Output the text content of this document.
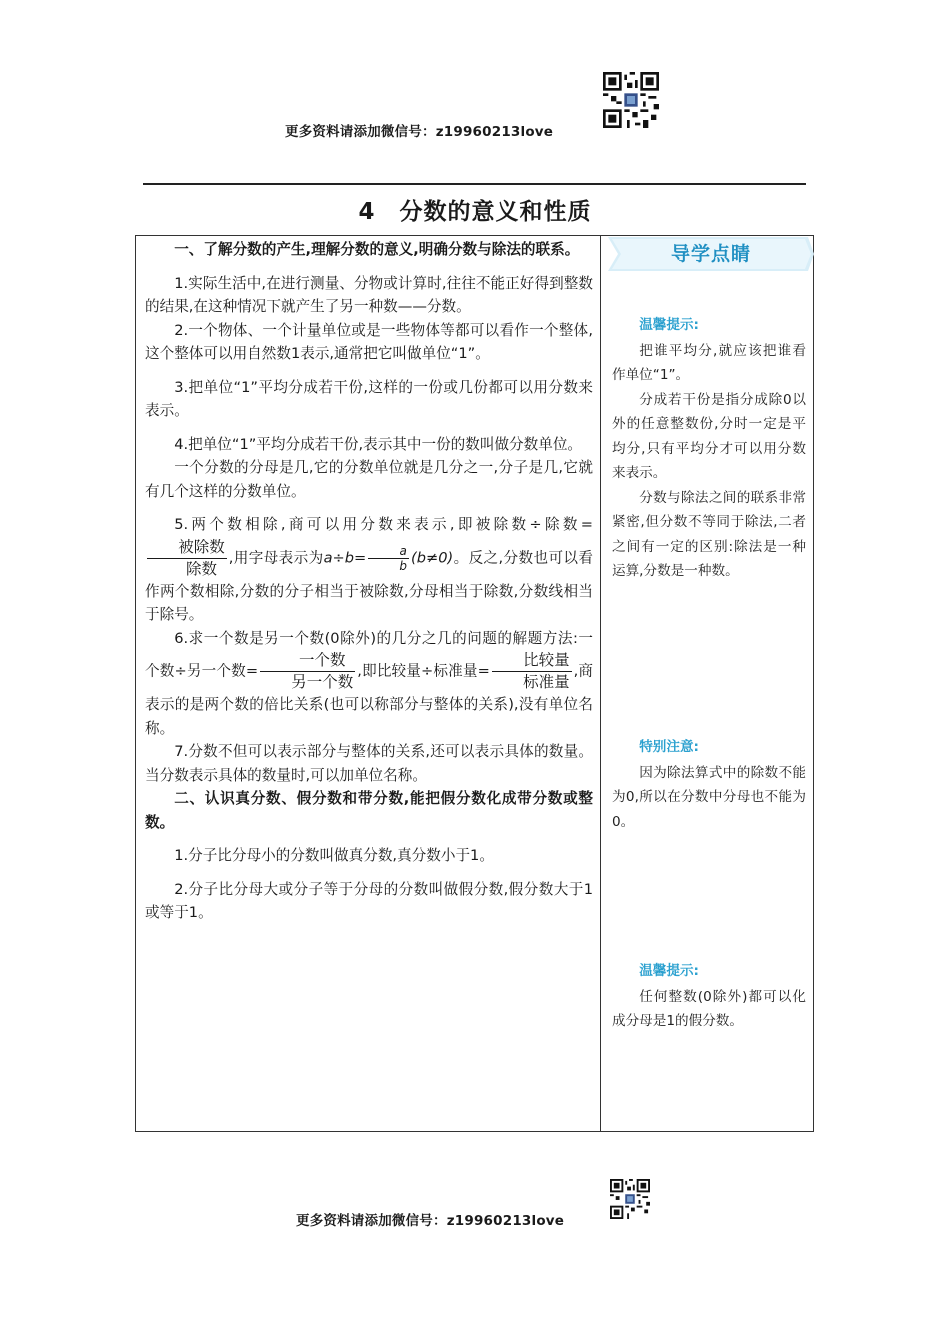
更多资料请添加微信号：z19960213love
4　分数的意义和性质

一、了解分数的产生,理解分数的意义,明确分数与除法的联系。

1.实际生活中,在进行测量、分物或计算时,往往不能正好得到整数的结果,在这种情况下就产生了另一种数——分数。

2.一个物体、一个计量单位或是一些物体等都可以看作一个整体,这个整体可以用自然数1表示,通常把它叫做单位“1”。

3.把单位“1”平均分成若干份,这样的一份或几份都可以用分数来表示。

4.把单位“1”平均分成若干份,表示其中一份的数叫做分数单位。

一个分数的分母是几,它的分数单位就是几分之一,分子是几,它就有几个这样的分数单位。

5.两个数相除,商可以用分数来表示,即被除数÷除数=
$\frac{\text{被除数}}{\text{除数}}$ ,用字母表示为$a\div b= \frac{a}{b} (b\ne 0)$。反之,分数也可以看作两个数相除,分数的分子相当于被除数,分母相当于除数,分数线相当于除号。

6.求一个数是另一个数(0除外)的几分之几的问题的解题方法:一个数÷另一个数= $\frac{\text{一个数}}{\text{另一个数}}$ ,即比较量÷标准量= $\frac{\text{比较量}}{\text{标准量}}$ ,商表示的是两个数的倍比关系(也可以称部分与整体的关系),没有单位名称。

7.分数不但可以表示部分与整体的关系,还可以表示具体的数量。当分数表示具体的数量时,可以加单位名称。

二、认识真分数、假分数和带分数,能把假分数化成带分数或整数。

1.分子比分母小的分数叫做真分数,真分数小于1。

2.分子比分母大或分子等于分母的分数叫做假分数,假分数大于1或等于1。

导学点睛
温馨提示:

把谁平均分,就应该把谁看作单位“1”。

分成若干份是指分成除0以外的任意整数份,分时一定是平均分,只有平均分才可以用分数来表示。

分数与除法之间的联系非常紧密,但分数不等同于除法,二者之间有一定的区别:除法是一种运算,分数是一种数。

特别注意:

因为除法算式中的除数不能为0,所以在分数中分母也不能为0。

温馨提示:

任何整数(0除外)都可以化成分母是1的假分数。

更多资料请添加微信号：z19960213love
